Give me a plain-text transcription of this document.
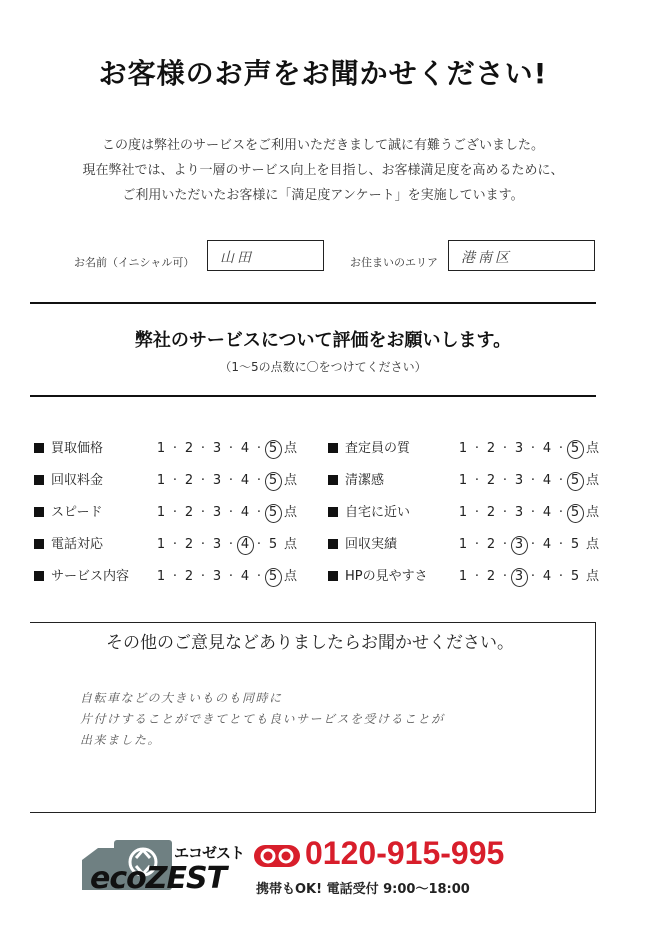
お客様のお声をお聞かせください!
この度は弊社のサービスをご利用いただきまして誠に有難うございました。
現在弊社では、より一層のサービス向上を目指し、お客様満足度を高めるために、
ご利用いただいたお客様に「満足度アンケート」を実施しています。
お名前（イニシャル可） 山田	お住まいのエリア 港南区
弊社のサービスについて評価をお願いします。
（1〜5の点数に〇をつけてください）
買取価格	1 · 2 · 3 · 4 · 5 点
回収料金	1 · 2 · 3 · 4 · 5 点
スピード	1 · 2 · 3 · 4 · 5 点
電話対応	1 · 2 · 3 · 4 · 5 点
サービス内容	1 · 2 · 3 · 4 · 5 点
査定員の質	1 · 2 · 3 · 4 · 5 点
清潔感	1 · 2 · 3 · 4 · 5 点
自宅に近い	1 · 2 · 3 · 4 · 5 点
回収実績	1 · 2 · 3 · 4 · 5 点
HPの見やすさ	1 · 2 · 3 · 4 · 5 点
その他のご意見などありましたらお聞かせください。
自転車などの大きいものも同時に
片付けすることができてとても良いサービスを受けることが
出来ました。
エコゼスト
ecoZEST
0120-915-995
携帯もOK! 電話受付 9:00〜18:00
